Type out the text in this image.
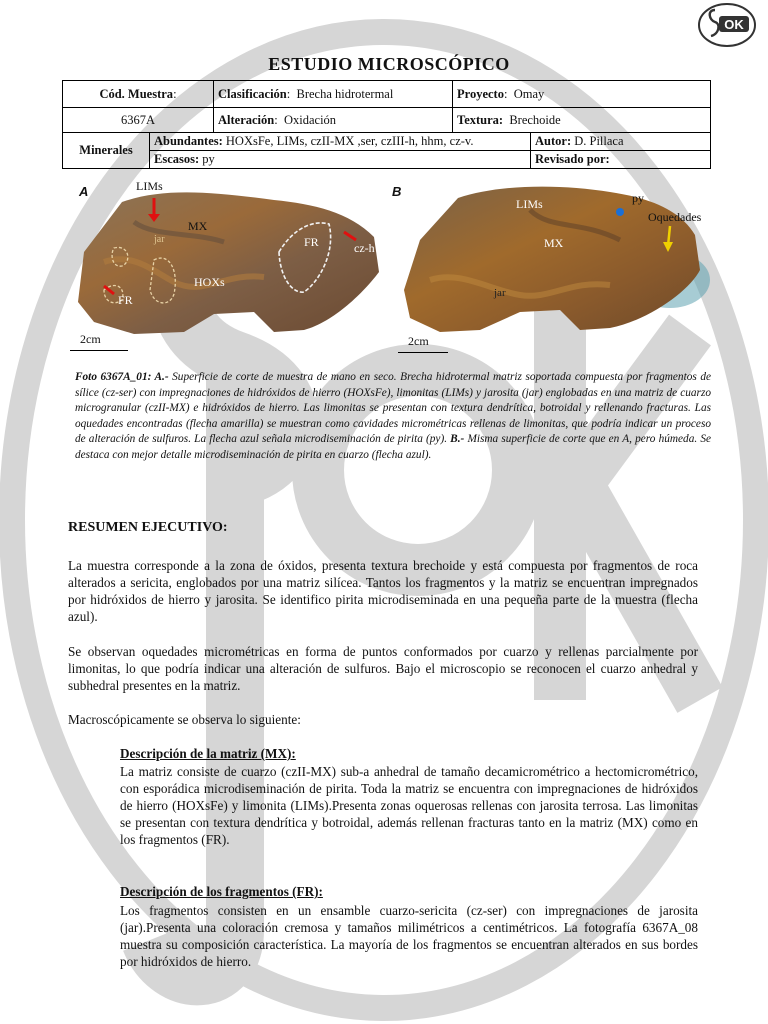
OK
ESTUDIO MICROSCÓPICO
Cód. Muestra:	Clasificación:  Brecha hidrotermal	Proyecto:  Omay
6367A	Alteración:  Oxidación	Textura: Brechoide
Minerales	Abundantes: HOXsFe, LIMs, czII-MX ,ser, czIII-h, hhm, cz-v.	Autor: D. Pillaca
	Escasos: py	Revisado por:
A	LIMs
MX
FR	cz-h
HOXs
FR
jar
2cm
B
LIMs	py
Oquedades
MX
jar
2cm
Foto 6367A_01: A.- Superficie de corte de muestra de mano en seco. Brecha hidrotermal matriz soportada compuesta por fragmentos de sílice (cz-ser) con impregnaciones de hidróxidos de hierro (HOXsFe), limonitas (LIMs) y jarosita (jar) englobadas en una matriz de cuarzo microgranular (czII-MX) e hidróxidos de hierro. Las limonitas se presentan con textura dendrítica, botroidal y rellenando fracturas. Las oquedades encontradas (flecha amarilla) se muestran como cavidades micrométricas rellenas de limonitas, que podría indicar un proceso de alteración de sulfuros. La flecha azul señala microdiseminación de pirita (py). B.- Misma superficie de corte que en A, pero húmeda. Se destaca con mejor detalle microdiseminación de pirita en cuarzo (flecha azul).
RESUMEN EJECUTIVO:
La muestra corresponde a la zona de óxidos, presenta textura brechoide y está compuesta por fragmentos de roca alterados a sericita, englobados por una matriz silícea. Tantos los fragmentos y la matriz se encuentran impregnados por hidróxidos de hierro y jarosita. Se identifico pirita microdiseminada en una pequeña parte de la muestra (flecha azul).
Se observan oquedades micrométricas en forma de puntos conformados por cuarzo y rellenas parcialmente por limonitas, lo que podría indicar una alteración de sulfuros. Bajo el microscopio se reconocen el cuarzo anhedral y subhedral presentes en la matriz.
Macroscópicamente se observa lo siguiente:
Descripción de la matriz (MX):
La matriz consiste de cuarzo (czII-MX) sub-a anhedral de tamaño decamicrométrico a hectomicrométrico, con esporádica microdiseminación de pirita. Toda la matriz se encuentra con impregnaciones de hidróxidos de hierro (HOXsFe) y limonita (LIMs).Presenta zonas oquerosas rellenas con jarosita terrosa. Las limonitas se presentan con textura dendrítica y botroidal, además rellenan fracturas tanto en la matriz (MX) como en los fragmentos (FR).
Descripción de los fragmentos (FR):
Los fragmentos consisten en un ensamble cuarzo-sericita (cz-ser) con impregnaciones de jarosita (jar).Presenta una coloración cremosa y tamaños milimétricos a centimétricos. La fotografía 6367A_08 muestra su composición característica. La mayoría de los fragmentos se encuentran alterados en sus bordes por hidróxidos de hierro.
